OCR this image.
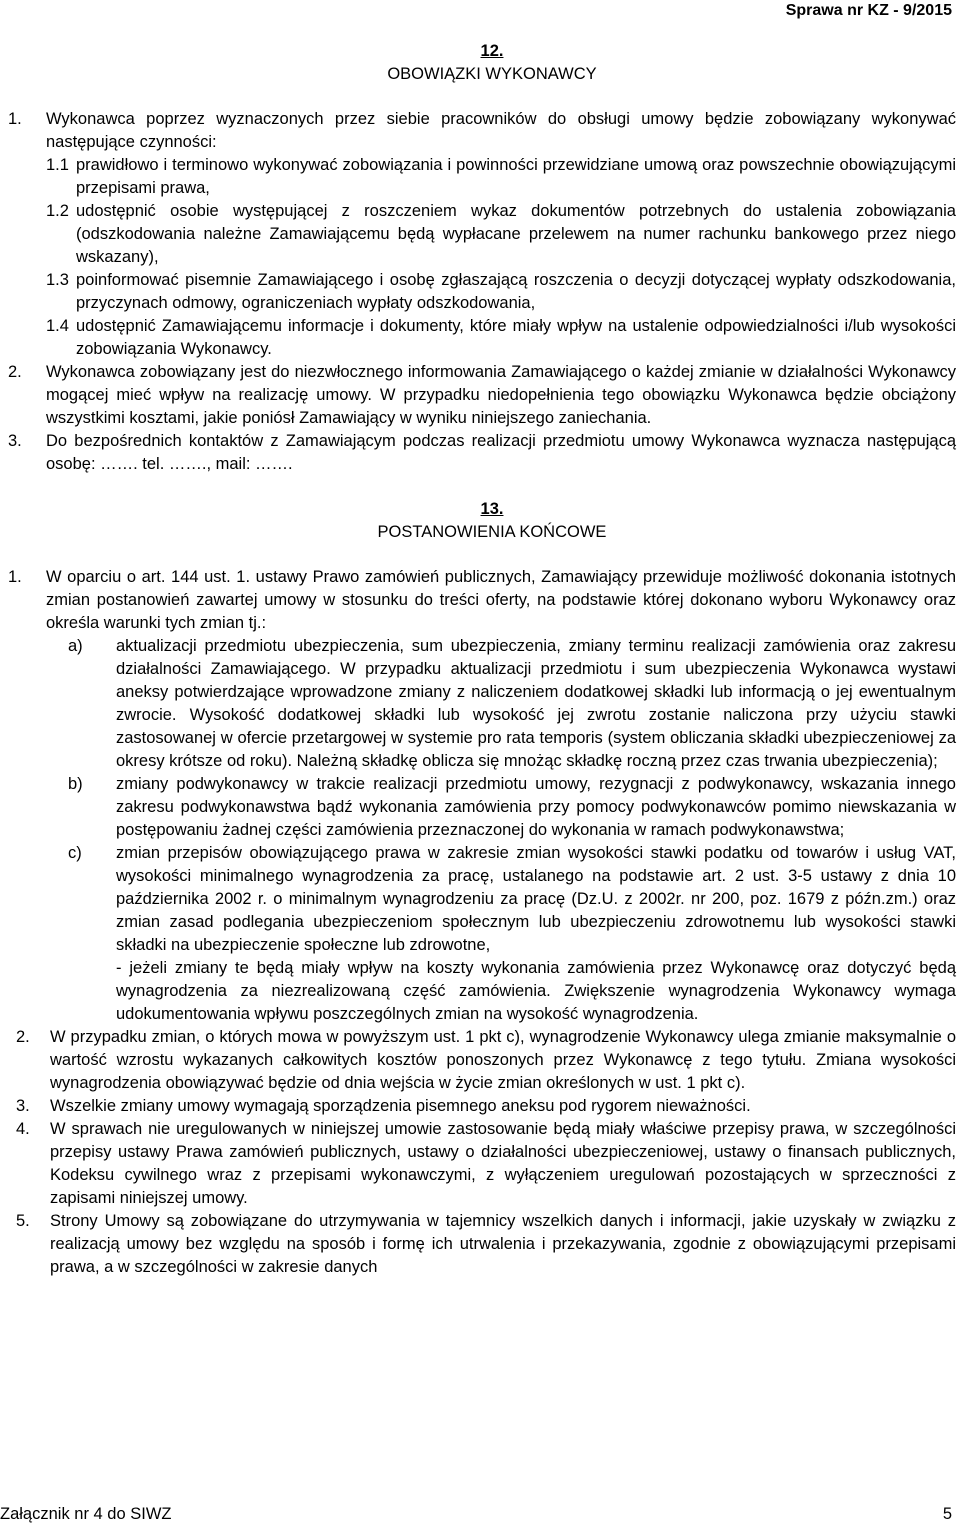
Sprawa nr KZ - 9/2015
12.
OBOWIĄZKI WYKONAWCY
1.	Wykonawca poprzez wyznaczonych przez siebie pracowników do obsługi umowy będzie zobowiązany wykonywać następujące czynności:
1.1 prawidłowo i terminowo wykonywać zobowiązania i powinności przewidziane umową oraz powszechnie obowiązującymi przepisami prawa,
1.2 udostępnić osobie występującej z roszczeniem wykaz dokumentów potrzebnych do ustalenia zobowiązania (odszkodowania należne Zamawiającemu będą wypłacane przelewem na numer rachunku bankowego przez niego wskazany),
1.3 poinformować pisemnie Zamawiającego i osobę zgłaszającą roszczenia o decyzji dotyczącej wypłaty odszkodowania, przyczynach odmowy, ograniczeniach wypłaty odszkodowania,
1.4 udostępnić Zamawiającemu informacje i dokumenty, które miały wpływ na ustalenie odpowiedzialności i/lub wysokości zobowiązania Wykonawcy.
2.	Wykonawca zobowiązany jest do niezwłocznego informowania Zamawiającego o każdej zmianie w działalności Wykonawcy mogącej mieć wpływ na realizację umowy. W przypadku niedopełnienia tego obowiązku Wykonawca będzie obciążony wszystkimi kosztami, jakie poniósł Zamawiający w wyniku niniejszego zaniechania.
3.	Do bezpośrednich kontaktów z Zamawiającym podczas realizacji przedmiotu umowy Wykonawca wyznacza następującą osobę: ……. tel. ……., mail: …….
13.
POSTANOWIENIA KOŃCOWE
1.	W oparciu o art. 144 ust. 1. ustawy Prawo zamówień publicznych, Zamawiający przewiduje możliwość dokonania istotnych zmian postanowień zawartej umowy w stosunku do treści oferty, na podstawie której dokonano wyboru Wykonawcy oraz określa warunki tych zmian tj.:
a)	aktualizacji przedmiotu ubezpieczenia, sum ubezpieczenia, zmiany terminu realizacji zamówienia oraz zakresu działalności Zamawiającego. W przypadku aktualizacji przedmiotu i sum ubezpieczenia Wykonawca wystawi aneksy potwierdzające wprowadzone zmiany z naliczeniem dodatkowej składki lub informacją o jej ewentualnym zwrocie. Wysokość dodatkowej składki lub wysokość jej zwrotu zostanie naliczona przy użyciu stawki zastosowanej w ofercie przetargowej w systemie pro rata temporis (system obliczania składki ubezpieczeniowej za okresy krótsze od roku). Należną składkę oblicza się mnożąc składkę roczną przez czas trwania ubezpieczenia);
b)	zmiany podwykonawcy w trakcie realizacji przedmiotu umowy, rezygnacji z podwykonawcy, wskazania innego zakresu podwykonawstwa bądź wykonania zamówienia przy pomocy podwykonawców pomimo niewskazania w postępowaniu żadnej części zamówienia przeznaczonej do wykonania w ramach podwykonawstwa;
c)	zmian przepisów obowiązującego prawa w zakresie zmian wysokości stawki podatku od towarów i usług VAT, wysokości minimalnego wynagrodzenia za pracę, ustalanego na podstawie art. 2 ust. 3-5 ustawy z dnia 10 października 2002 r. o minimalnym wynagrodzeniu za pracę (Dz.U. z 2002r. nr 200, poz. 1679 z późn.zm.) oraz zmian zasad podlegania ubezpieczeniom społecznym lub ubezpieczeniu zdrowotnemu lub wysokości stawki składki na ubezpieczenie społeczne lub zdrowotne,
- jeżeli zmiany te będą miały wpływ na koszty wykonania zamówienia przez Wykonawcę oraz dotyczyć będą wynagrodzenia za niezrealizowaną część zamówienia. Zwiększenie wynagrodzenia Wykonawcy wymaga udokumentowania wpływu poszczególnych zmian na wysokość wynagrodzenia.
2.	W przypadku zmian, o których mowa w powyższym ust. 1 pkt c), wynagrodzenie Wykonawcy ulega zmianie maksymalnie o wartość wzrostu wykazanych całkowitych kosztów ponoszonych przez Wykonawcę z tego tytułu. Zmiana wysokości wynagrodzenia obowiązywać będzie od dnia wejścia w życie zmian określonych w ust. 1 pkt c).
3.	Wszelkie zmiany umowy wymagają sporządzenia pisemnego aneksu pod rygorem nieważności.
4.	W sprawach nie uregulowanych w niniejszej umowie zastosowanie będą miały właściwe przepisy prawa, w szczególności przepisy ustawy Prawa zamówień publicznych, ustawy o działalności ubezpieczeniowej, ustawy o finansach publicznych, Kodeksu cywilnego wraz z przepisami wykonawczymi, z wyłączeniem uregulowań pozostających w sprzeczności z zapisami niniejszej umowy.
5.	Strony Umowy są zobowiązane do utrzymywania w tajemnicy wszelkich danych i informacji, jakie uzyskały w związku z realizacją umowy bez względu na sposób i formę ich utrwalenia i przekazywania, zgodnie z obowiązującymi przepisami prawa, a w szczególności w zakresie danych
Załącznik nr 4 do SIWZ	5
